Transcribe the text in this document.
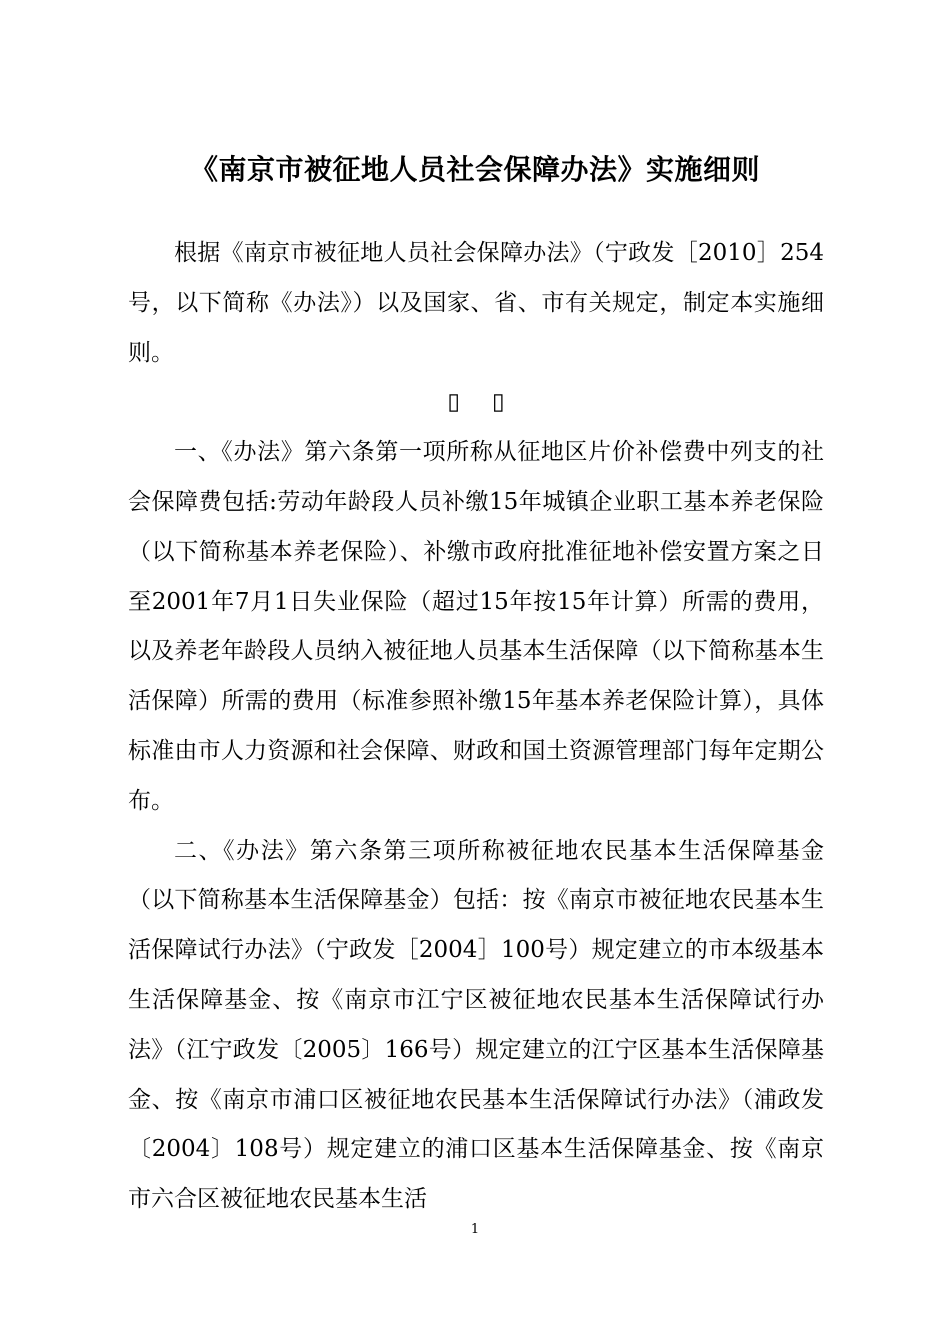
《南京市被征地人员社会保障办法》实施细则

根据《南京市被征地人员社会保障办法》（宁政发［2010］254号，以下简称《办法》）以及国家、省、市有关规定，制定本实施细则。

▯▯

一、《办法》第六条第一项所称从征地区片价补偿费中列支的社会保障费包括:劳动年龄段人员补缴15年城镇企业职工基本养老保险（以下简称基本养老保险）、补缴市政府批准征地补偿安置方案之日至2001年7月1日失业保险（超过15年按15年计算）所需的费用，以及养老年龄段人员纳入被征地人员基本生活保障（以下简称基本生活保障）所需的费用（标准参照补缴15年基本养老保险计算），具体标准由市人力资源和社会保障、财政和国土资源管理部门每年定期公布。

二、《办法》第六条第三项所称被征地农民基本生活保障基金（以下简称基本生活保障基金）包括：按《南京市被征地农民基本生活保障试行办法》（宁政发［2004］100号）规定建立的市本级基本生活保障基金、按《南京市江宁区被征地农民基本生活保障试行办法》（江宁政发〔2005〕166号）规定建立的江宁区基本生活保障基金、按《南京市浦口区被征地农民基本生活保障试行办法》（浦政发〔2004〕108号）规定建立的浦口区基本生活保障基金、按《南京市六合区被征地农民基本生活

1
